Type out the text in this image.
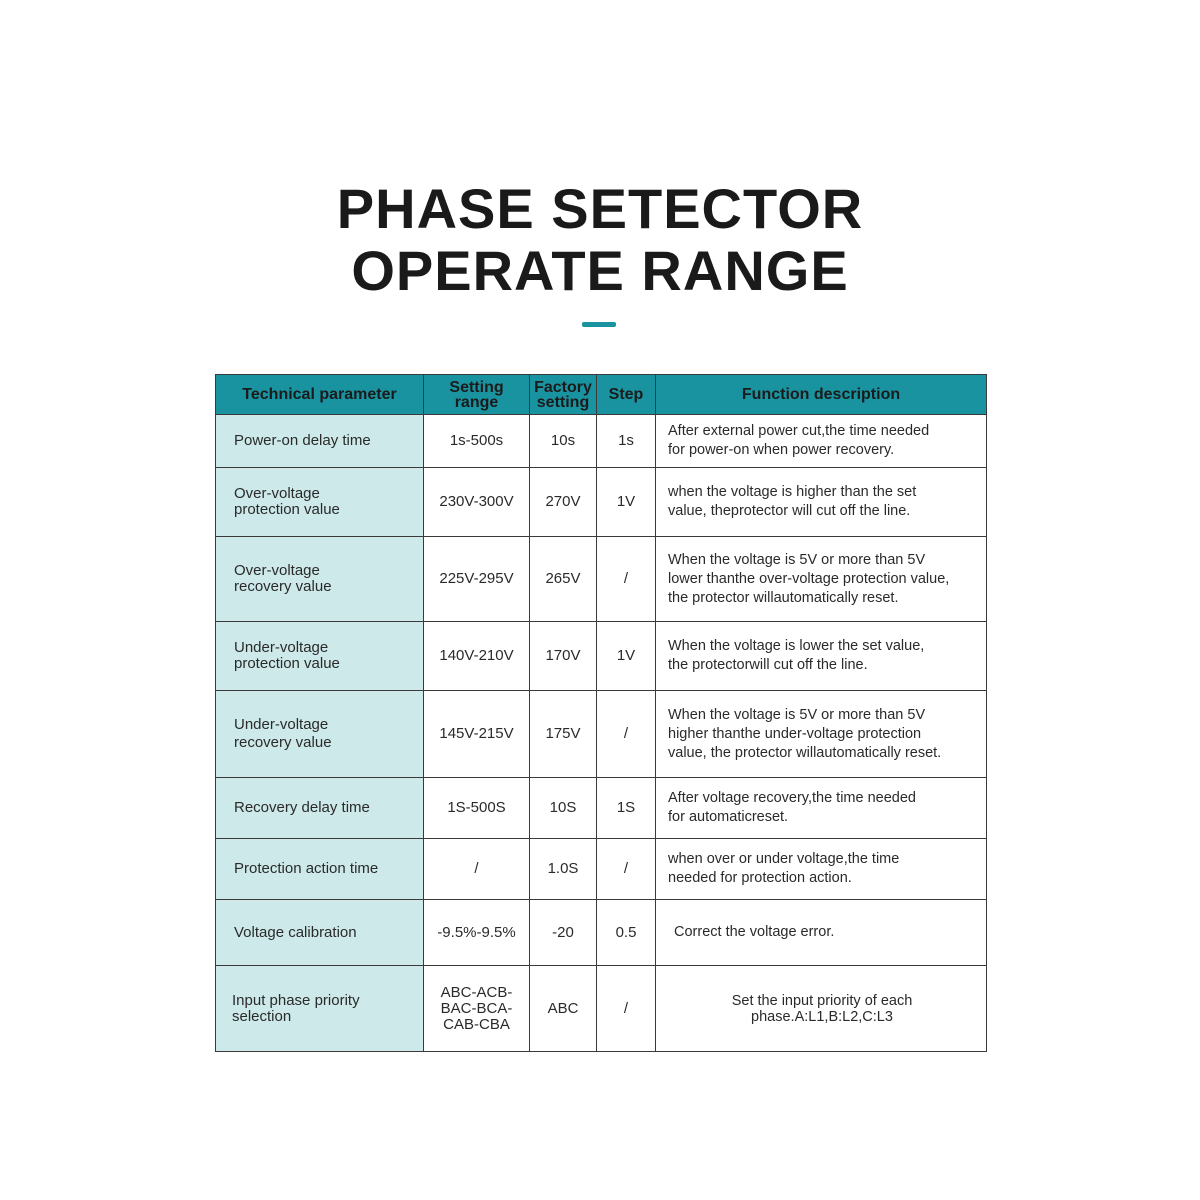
PHASE SETECTOR
OPERATE RANGE
Technical parameter	Setting range	Factory setting	Step	Function description
Power-on delay time	1s-500s	10s	1s	After external power cut,the time needed
for power-on when power recovery.
Over-voltage
protection value	230V-300V	270V	1V	when the voltage is higher than the set
value, theprotector will cut off the line.
Over-voltage
recovery value	225V-295V	265V	/	When the voltage is 5V or more than 5V
lower thanthe over-voltage protection value,
the protector willautomatically reset.
Under-voltage
protection value	140V-210V	170V	1V	When the voltage is lower the set value,
the protectorwill cut off the line.
Under-voltage
recovery value	145V-215V	175V	/	When the voltage is 5V or more than 5V
higher thanthe under-voltage protection
value, the protector willautomatically reset.
Recovery delay time	1S-500S	10S	1S	After voltage recovery,the time needed
for automaticreset.
Protection action time	/	1.0S	/	when over or under voltage,the time
needed for protection action.
Voltage calibration	-9.5%-9.5%	-20	0.5	Correct the voltage error.
Input phase priority
selection	ABC-ACB-
BAC-BCA-
CAB-CBA	ABC	/	Set the input priority of each
phase.A:L1,B:L2,C:L3
